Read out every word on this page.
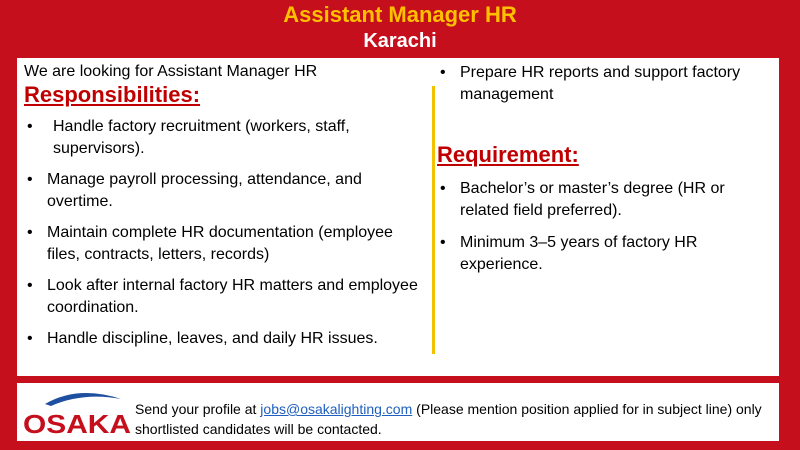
Assistant Manager HR
Karachi
We are looking for Assistant Manager HR
Responsibilities:
• Handle factory recruitment (workers, staff, supervisors).
• Manage payroll processing, attendance, and overtime.
• Maintain complete HR documentation (employee files, contracts, letters, records)
• Look after internal factory HR matters and employee coordination.
• Handle discipline, leaves, and daily HR issues.
• Prepare HR reports and support factory management
Requirement:
• Bachelor’s or master’s degree (HR or related field preferred).
• Minimum 3–5 years of factory HR experience.
OSAKA Send your profile at jobs@osakalighting.com (Please mention position applied for in subject line) only shortlisted candidates will be contacted.
